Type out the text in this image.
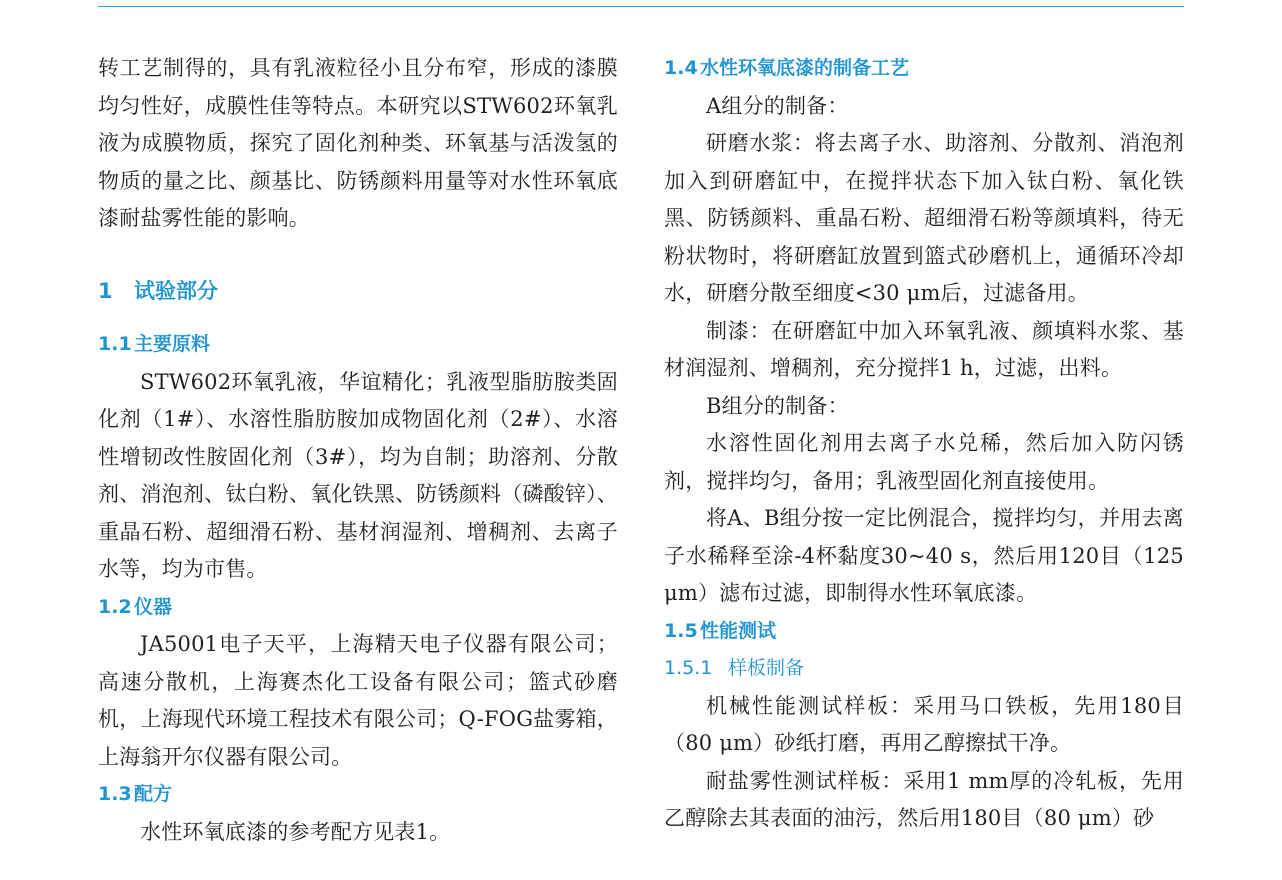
转工艺制得的，具有乳液粒径小且分布窄，形成的漆膜均匀性好，成膜性佳等特点。本研究以STW602环氧乳液为成膜物质，探究了固化剂种类、环氧基与活泼氢的物质的量之比、颜基比、防锈颜料用量等对水性环氧底漆耐盐雾性能的影响。

1 试验部分
1.1 主要原料

STW602环氧乳液，华谊精化；乳液型脂肪胺类固化剂（1#）、水溶性脂肪胺加成物固化剂（2#）、水溶性增韧改性胺固化剂（3#），均为自制；助溶剂、分散剂、消泡剂、钛白粉、氧化铁黑、防锈颜料（磷酸锌）、重晶石粉、超细滑石粉、基材润湿剂、增稠剂、去离子水等，均为市售。

1.2 仪器

JA5001电子天平，上海精天电子仪器有限公司；高速分散机，上海赛杰化工设备有限公司；篮式砂磨机，上海现代环境工程技术有限公司；Q-FOG盐雾箱，上海翁开尔仪器有限公司。

1.3 配方

水性环氧底漆的参考配方见表1。

1.4 水性环氧底漆的制备工艺

A组分的制备：

研磨水浆：将去离子水、助溶剂、分散剂、消泡剂加入到研磨缸中，在搅拌状态下加入钛白粉、氧化铁黑、防锈颜料、重晶石粉、超细滑石粉等颜填料，待无粉状物时，将研磨缸放置到篮式砂磨机上，通循环冷却水，研磨分散至细度<30 μm后，过滤备用。

制漆：在研磨缸中加入环氧乳液、颜填料水浆、基材润湿剂、增稠剂，充分搅拌1 h，过滤，出料。

B组分的制备：

水溶性固化剂用去离子水兑稀，然后加入防闪锈剂，搅拌均匀，备用；乳液型固化剂直接使用。

将A、B组分按一定比例混合，搅拌均匀，并用去离子水稀释至涂-4杯黏度30~40 s，然后用120目（125 μm）滤布过滤，即制得水性环氧底漆。

1.5 性能测试
1.5.1 样板制备

机械性能测试样板：采用马口铁板，先用180目（80 μm）砂纸打磨，再用乙醇擦拭干净。

耐盐雾性测试样板：采用1 mm厚的冷轧板，先用乙醇除去其表面的油污，然后用180目（80 μm）砂
